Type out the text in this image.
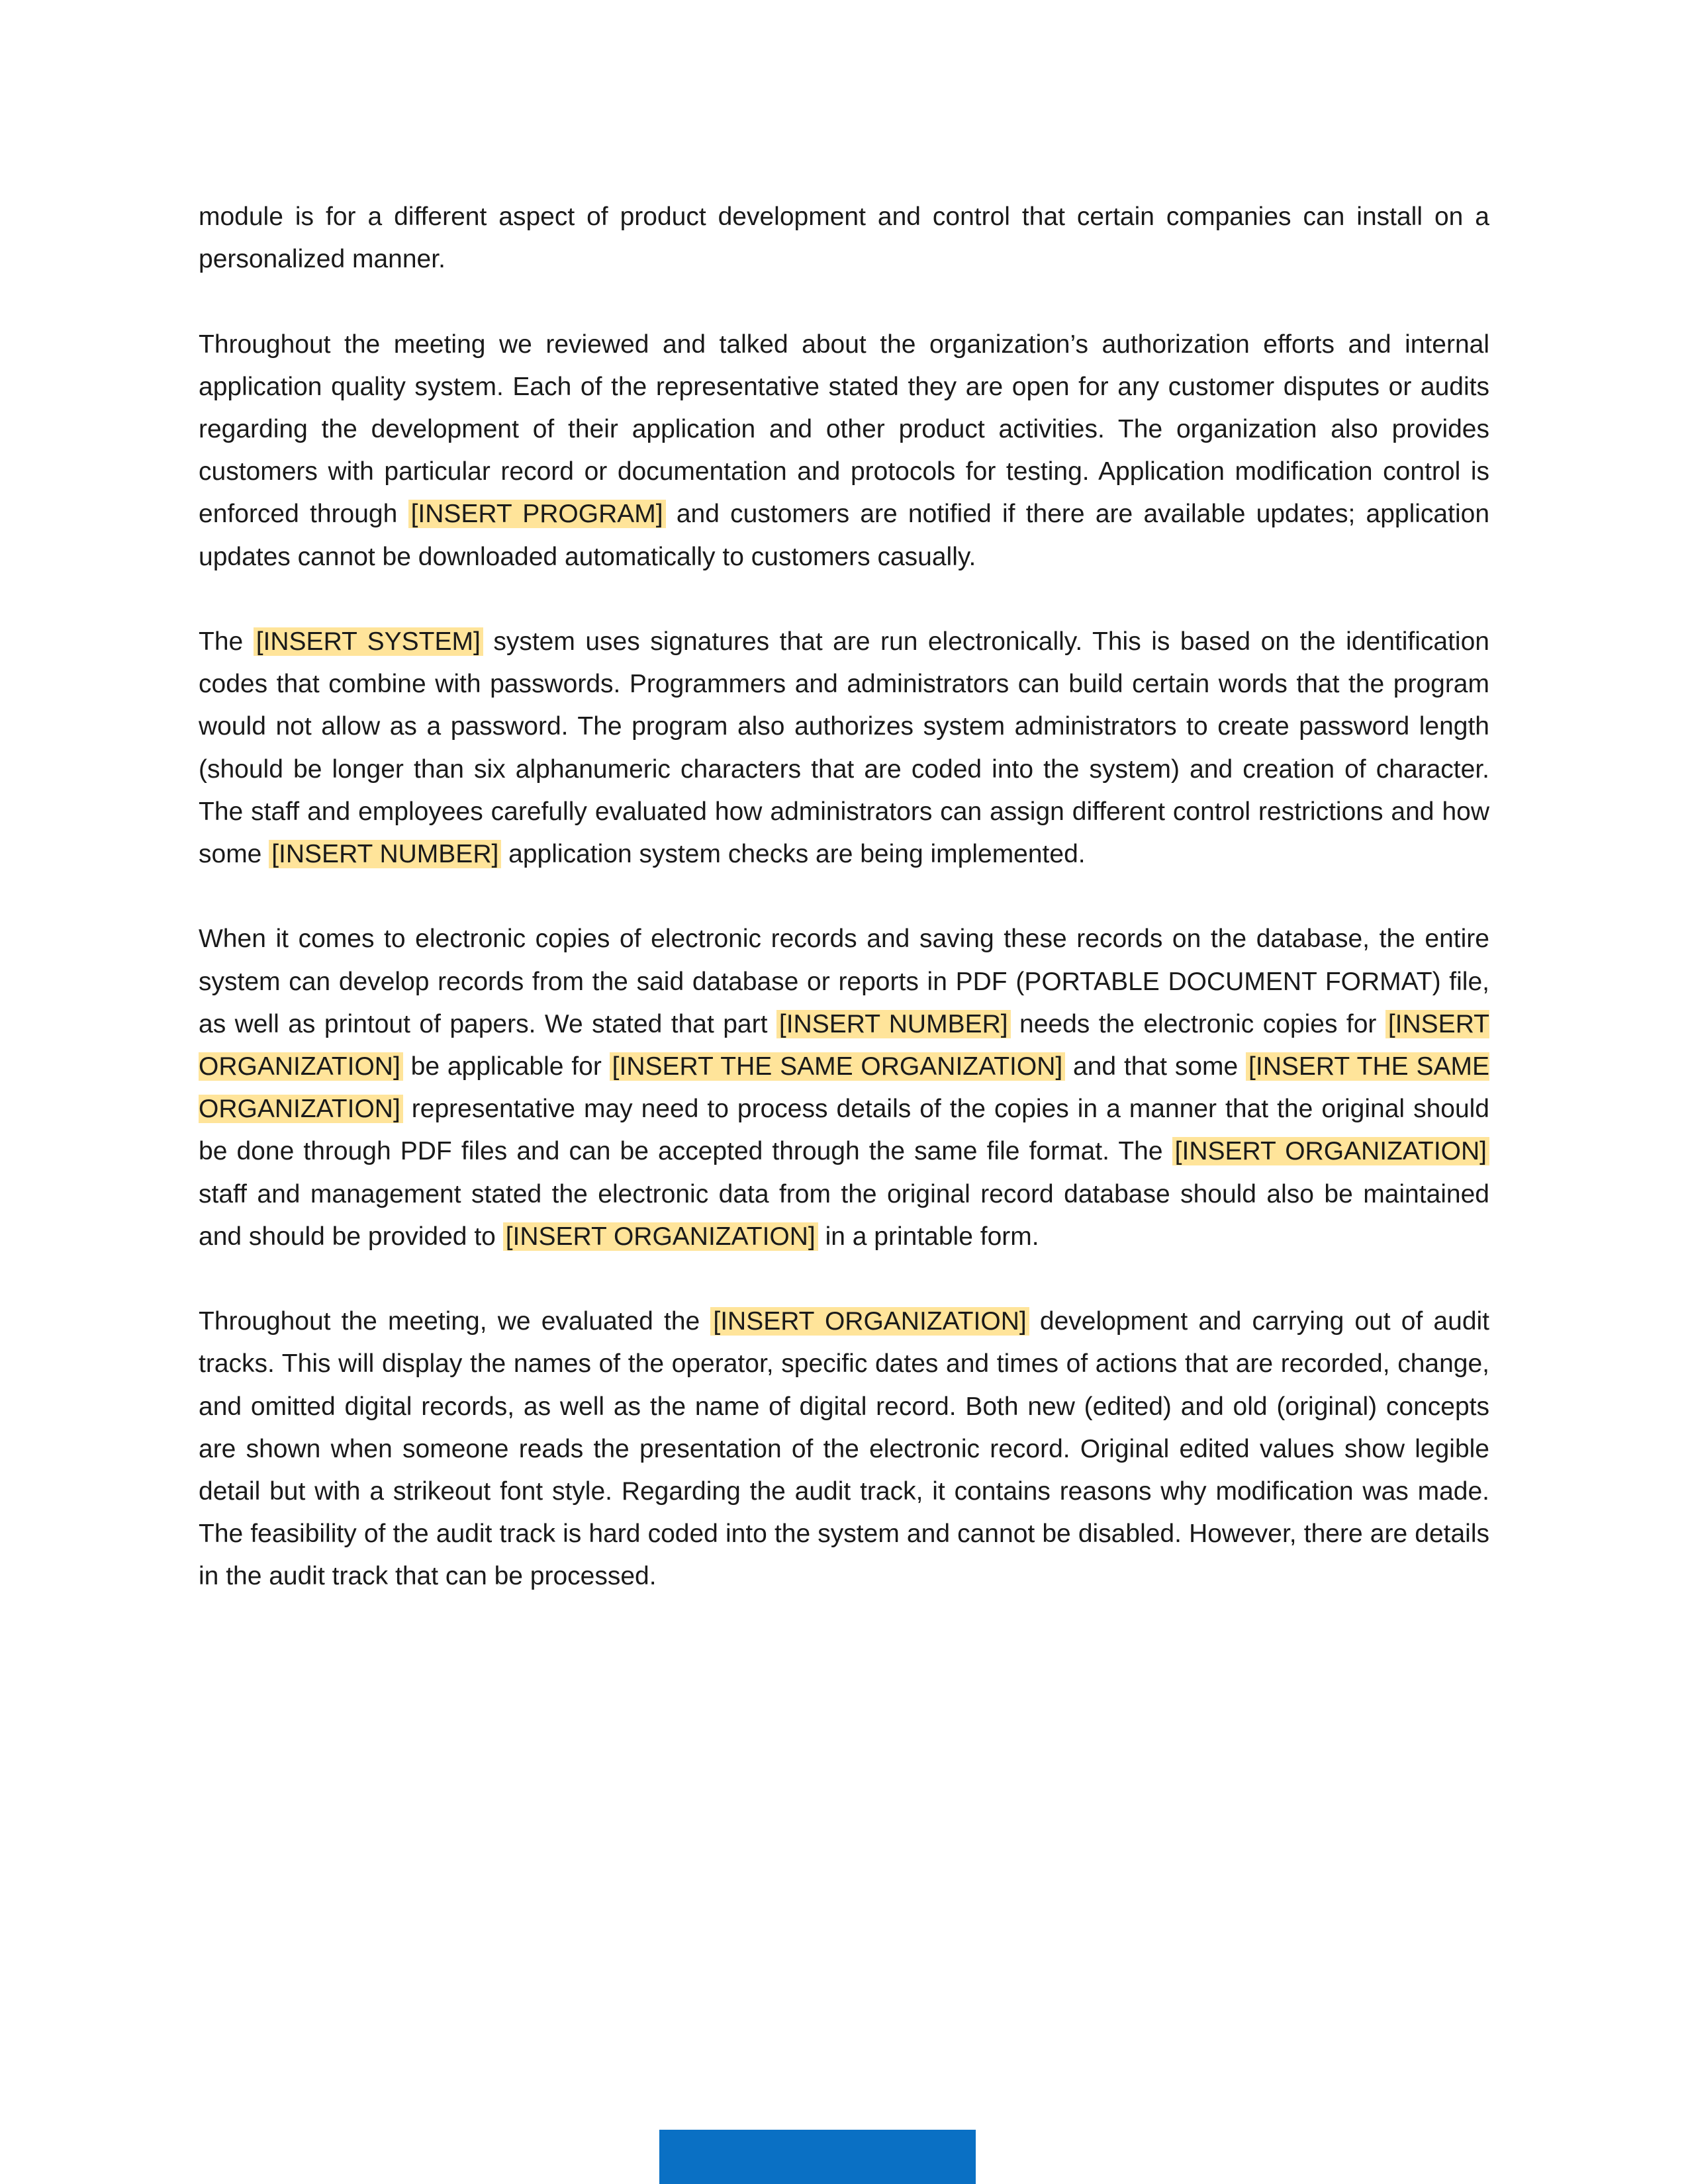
module is for a different aspect of product development and control that certain companies can install on a personalized manner.

Throughout the meeting we reviewed and talked about the organization’s authorization efforts and internal application quality system. Each of the representative stated they are open for any customer disputes or audits regarding the development of their application and other product activities. The organization also provides customers with particular record or documentation and protocols for testing. Application modification control is enforced through [INSERT PROGRAM] and customers are notified if there are available updates; application updates cannot be downloaded automatically to customers casually.

The [INSERT SYSTEM] system uses signatures that are run electronically. This is based on the identification codes that combine with passwords. Programmers and administrators can build certain words that the program would not allow as a password. The program also authorizes system administrators to create password length (should be longer than six alphanumeric characters that are coded into the system) and creation of character. The staff and employees carefully evaluated how administrators can assign different control restrictions and how some [INSERT NUMBER] application system checks are being implemented.

When it comes to electronic copies of electronic records and saving these records on the database, the entire system can develop records from the said database or reports in PDF (PORTABLE DOCUMENT FORMAT) file, as well as printout of papers. We stated that part [INSERT NUMBER] needs the electronic copies for [INSERT ORGANIZATION] be applicable for [INSERT THE SAME ORGANIZATION] and that some [INSERT THE SAME ORGANIZATION] representative may need to process details of the copies in a manner that the original should be done through PDF files and can be accepted through the same file format. The [INSERT ORGANIZATION] staff and management stated the electronic data from the original record database should also be maintained and should be provided to [INSERT ORGANIZATION] in a printable form.

Throughout the meeting, we evaluated the [INSERT ORGANIZATION] development and carrying out of audit tracks. This will display the names of the operator, specific dates and times of actions that are recorded, change, and omitted digital records, as well as the name of digital record. Both new (edited) and old (original) concepts are shown when someone reads the presentation of the electronic record. Original edited values show legible detail but with a strikeout font style. Regarding the audit track, it contains reasons why modification was made. The feasibility of the audit track is hard coded into the system and cannot be disabled. However, there are details in the audit track that can be processed.
